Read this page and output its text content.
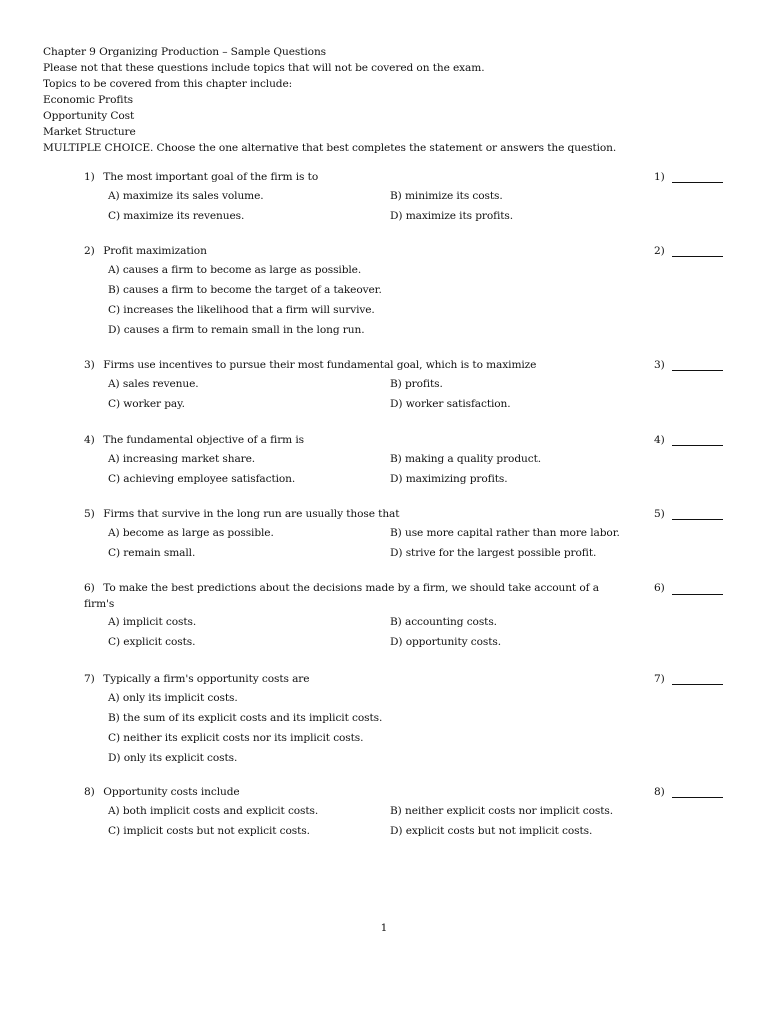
Chapter 9 Organizing Production – Sample Questions
Please not that these questions include topics that will not be covered on the exam.
Topics to be covered from this chapter include:
Economic Profits
Opportunity Cost
Market Structure
MULTIPLE CHOICE. Choose the one alternative that best completes the statement or answers the question.
1) The most important goal of the firm is to	1)
A) maximize its sales volume.	B) minimize its costs.
C) maximize its revenues.	D) maximize its profits.
2) Profit maximization	2)
A) causes a firm to become as large as possible.
B) causes a firm to become the target of a takeover.
C) increases the likelihood that a firm will survive.
D) causes a firm to remain small in the long run.
3) Firms use incentives to pursue their most fundamental goal, which is to maximize	3)
A) sales revenue.	B) profits.
C) worker pay.	D) worker satisfaction.
4) The fundamental objective of a firm is	4)
A) increasing market share.	B) making a quality product.
C) achieving employee satisfaction.	D) maximizing profits.
5) Firms that survive in the long run are usually those that	5)
A) become as large as possible.	B) use more capital rather than more labor.
C) remain small.	D) strive for the largest possible profit.
6) To make the best predictions about the decisions made by a firm, we should take account of a firm's
6)
A) implicit costs.	B) accounting costs.
C) explicit costs.	D) opportunity costs.
7) Typically a firm's opportunity costs are	7)
A) only its implicit costs.
B) the sum of its explicit costs and its implicit costs.
C) neither its explicit costs nor its implicit costs.
D) only its explicit costs.
8) Opportunity costs include	8)
A) both implicit costs and explicit costs.	B) neither explicit costs nor implicit costs.
C) implicit costs but not explicit costs.	D) explicit costs but not implicit costs.
1
